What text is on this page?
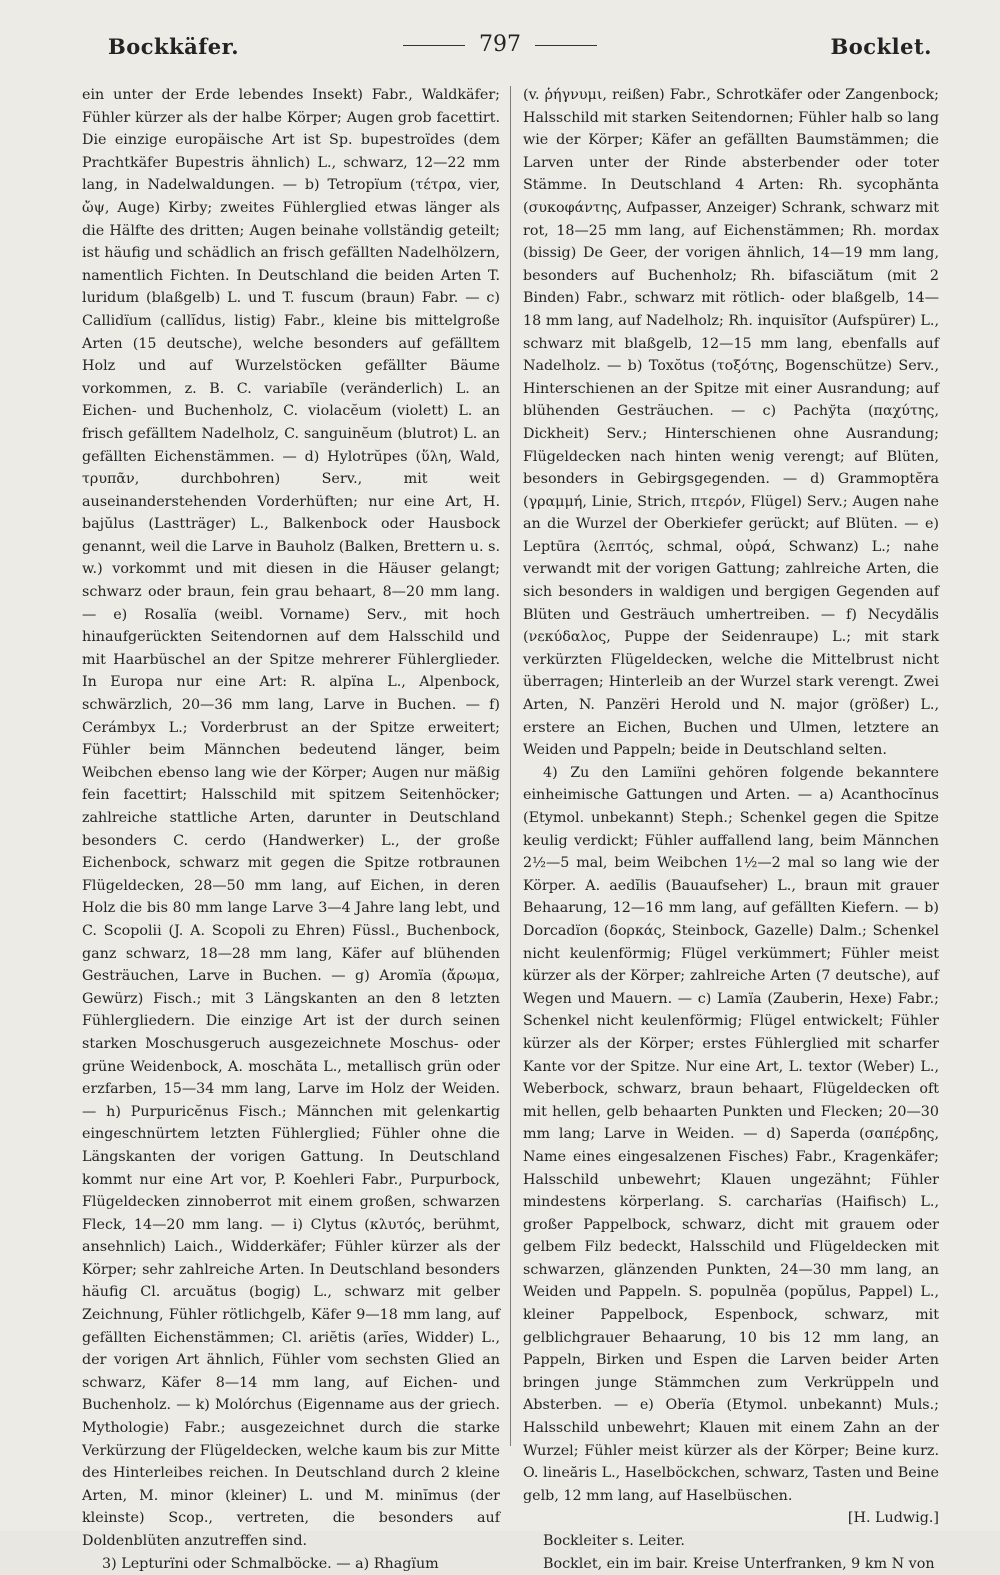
Bockkäfer.	797	Bocklet.

ein unter der Erde lebendes Insekt) Fabr., Waldkäfer; Fühler kürzer als der halbe Körper; Augen grob facettirt. Die einzige europäische Art ist Sp. bupestroïdes (dem Prachtkäfer Bupestris ähnlich) L., schwarz, 12—22 mm lang, in Nadelwaldungen. — b) Tetropïum (τέτρα, vier, ὤψ, Auge) Kirby; zweites Fühlerglied etwas länger als die Hälfte des dritten; Augen beinahe vollständig geteilt; ist häufig und schädlich an frisch gefällten Nadelhölzern, namentlich Fichten. In Deutschland die beiden Arten T. luridum (blaßgelb) L. und T. fuscum (braun) Fabr. — c) Callidïum (callĭdus, listig) Fabr., kleine bis mittelgroße Arten (15 deutsche), welche besonders auf gefälltem Holz und auf Wurzelstöcken gefällter Bäume vorkommen, z. B. C. variabĭle (veränderlich) L. an Eichen- und Buchenholz, C. violacĕum (violett) L. an frisch gefälltem Nadelholz, C. sanguinĕum (blutrot) L. an gefällten Eichenstämmen. — d) Hylotrŭpes (ὕλη, Wald, τρυπᾶν, durchbohren) Serv., mit weit auseinanderstehenden Vorderhüften; nur eine Art, H. bajŭlus (Lastträger) L., Balkenbock oder Hausbock genannt, weil die Larve in Bauholz (Balken, Brettern u. s. w.) vorkommt und mit diesen in die Häuser gelangt; schwarz oder braun, fein grau behaart, 8—20 mm lang. — e) Rosalïa (weibl. Vorname) Serv., mit hoch hinaufgerückten Seitendornen auf dem Halsschild und mit Haarbüschel an der Spitze mehrerer Fühlerglieder. In Europa nur eine Art: R. alpïna L., Alpenbock, schwärzlich, 20—36 mm lang, Larve in Buchen. — f) Cerámbyx L.; Vorderbrust an der Spitze erweitert; Fühler beim Männchen bedeutend länger, beim Weibchen ebenso lang wie der Körper; Augen nur mäßig fein facettirt; Halsschild mit spitzem Seitenhöcker; zahlreiche stattliche Arten, darunter in Deutschland besonders C. cerdo (Handwerker) L., der große Eichenbock, schwarz mit gegen die Spitze rotbraunen Flügeldecken, 28—50 mm lang, auf Eichen, in deren Holz die bis 80 mm lange Larve 3—4 Jahre lang lebt, und C. Scopolii (J. A. Scopoli zu Ehren) Füssl., Buchenbock, ganz schwarz, 18—28 mm lang, Käfer auf blühenden Gesträuchen, Larve in Buchen. — g) Aromïa (ἄρωμα, Gewürz) Fisch.; mit 3 Längskanten an den 8 letzten Fühlergliedern. Die einzige Art ist der durch seinen starken Moschusgeruch ausgezeichnete Moschus- oder grüne Weidenbock, A. moschăta L., metallisch grün oder erzfarben, 15—34 mm lang, Larve im Holz der Weiden. — h) Purpuricĕnus Fisch.; Männchen mit gelenkartig eingeschnürtem letzten Fühlerglied; Fühler ohne die Längskanten der vorigen Gattung. In Deutschland kommt nur eine Art vor, P. Koehleri Fabr., Purpurbock, Flügeldecken zinnoberrot mit einem großen, schwarzen Fleck, 14—20 mm lang. — i) Clytus (κλυτός, berühmt, ansehnlich) Laich., Widderkäfer; Fühler kürzer als der Körper; sehr zahlreiche Arten. In Deutschland besonders häufig Cl. arcuătus (bogig) L., schwarz mit gelber Zeichnung, Fühler rötlichgelb, Käfer 9—18 mm lang, auf gefällten Eichenstämmen; Cl. ariĕtis (arĭes, Widder) L., der vorigen Art ähnlich, Fühler vom sechsten Glied an schwarz, Käfer 8—14 mm lang, auf Eichen- und Buchenholz. — k) Molórchus (Eigenname aus der griech. Mythologie) Fabr.; ausgezeichnet durch die starke Verkürzung der Flügeldecken, welche kaum bis zur Mitte des Hinterleibes reichen. In Deutschland durch 2 kleine Arten, M. minor (kleiner) L. und M. minĭmus (der kleinste) Scop., vertreten, die besonders auf Doldenblüten anzutreffen sind.

3) Lepturïni oder Schmalböcke. — a) Rhagïum

(v. ῥήγνυμι, reißen) Fabr., Schrotkäfer oder Zangenbock; Halsschild mit starken Seitendornen; Fühler halb so lang wie der Körper; Käfer an gefällten Baumstämmen; die Larven unter der Rinde absterbender oder toter Stämme. In Deutschland 4 Arten: Rh. sycophănta (συκοφάντης, Aufpasser, Anzeiger) Schrank, schwarz mit rot, 18—25 mm lang, auf Eichenstämmen; Rh. mordax (bissig) De Geer, der vorigen ähnlich, 14—19 mm lang, besonders auf Buchenholz; Rh. bifasciătum (mit 2 Binden) Fabr., schwarz mit rötlich- oder blaßgelb, 14—18 mm lang, auf Nadelholz; Rh. inquisĭtor (Aufspürer) L., schwarz mit blaßgelb, 12—15 mm lang, ebenfalls auf Nadelholz. — b) Toxŏtus (τοξότης, Bogenschütze) Serv., Hinterschienen an der Spitze mit einer Ausrandung; auf blühenden Gesträuchen. — c) Pachўta (παχύτης, Dickheit) Serv.; Hinterschienen ohne Ausrandung; Flügeldecken nach hinten wenig verengt; auf Blüten, besonders in Gebirgsgegenden. — d) Grammoptĕra (γραμμή, Linie, Strich, πτερόν, Flügel) Serv.; Augen nahe an die Wurzel der Oberkiefer gerückt; auf Blüten. — e) Leptūra (λεπτός, schmal, οὐρά, Schwanz) L.; nahe verwandt mit der vorigen Gattung; zahlreiche Arten, die sich besonders in waldigen und bergigen Gegenden auf Blüten und Gesträuch umhertreiben. — f) Necydălis (νεκύδαλος, Puppe der Seidenraupe) L.; mit stark verkürzten Flügeldecken, welche die Mittelbrust nicht überragen; Hinterleib an der Wurzel stark verengt. Zwei Arten, N. Panzëri Herold und N. major (größer) L., erstere an Eichen, Buchen und Ulmen, letztere an Weiden und Pappeln; beide in Deutschland selten.

4) Zu den Lamiïni gehören folgende bekanntere einheimische Gattungen und Arten. — a) Acanthocĭnus (Etymol. unbekannt) Steph.; Schenkel gegen die Spitze keulig verdickt; Fühler auffallend lang, beim Männchen 2½—5 mal, beim Weibchen 1½—2 mal so lang wie der Körper. A. aedĭlis (Bauaufseher) L., braun mit grauer Behaarung, 12—16 mm lang, auf gefällten Kiefern. — b) Dorcadïon (δορκάς, Steinbock, Gazelle) Dalm.; Schenkel nicht keulenförmig; Flügel verkümmert; Fühler meist kürzer als der Körper; zahlreiche Arten (7 deutsche), auf Wegen und Mauern. — c) Lamïa (Zauberin, Hexe) Fabr.; Schenkel nicht keulenförmig; Flügel entwickelt; Fühler kürzer als der Körper; erstes Fühlerglied mit scharfer Kante vor der Spitze. Nur eine Art, L. textor (Weber) L., Weberbock, schwarz, braun behaart, Flügeldecken oft mit hellen, gelb behaarten Punkten und Flecken; 20—30 mm lang; Larve in Weiden. — d) Saperda (σαπέρδης, Name eines eingesalzenen Fisches) Fabr., Kragenkäfer; Halsschild unbewehrt; Klauen ungezähnt; Fühler mindestens körperlang. S. carcharïas (Haifisch) L., großer Pappelbock, schwarz, dicht mit grauem oder gelbem Filz bedeckt, Halsschild und Flügeldecken mit schwarzen, glänzenden Punkten, 24—30 mm lang, an Weiden und Pappeln. S. populnĕa (popŭlus, Pappel) L., kleiner Pappelbock, Espenbock, schwarz, mit gelblichgrauer Behaarung, 10 bis 12 mm lang, an Pappeln, Birken und Espen die Larven beider Arten bringen junge Stämmchen zum Verkrüppeln und Absterben. — e) Oberïa (Etymol. unbekannt) Muls.; Halsschild unbewehrt; Klauen mit einem Zahn an der Wurzel; Fühler meist kürzer als der Körper; Beine kurz. O. lineăris L., Haselböckchen, schwarz, Tasten und Beine gelb, 12 mm lang, auf Haselbüschen.

[H. Ludwig.]

Bockleiter s. Leiter.

Bocklet, ein im bair. Kreise Unterfranken, 9 km N von
